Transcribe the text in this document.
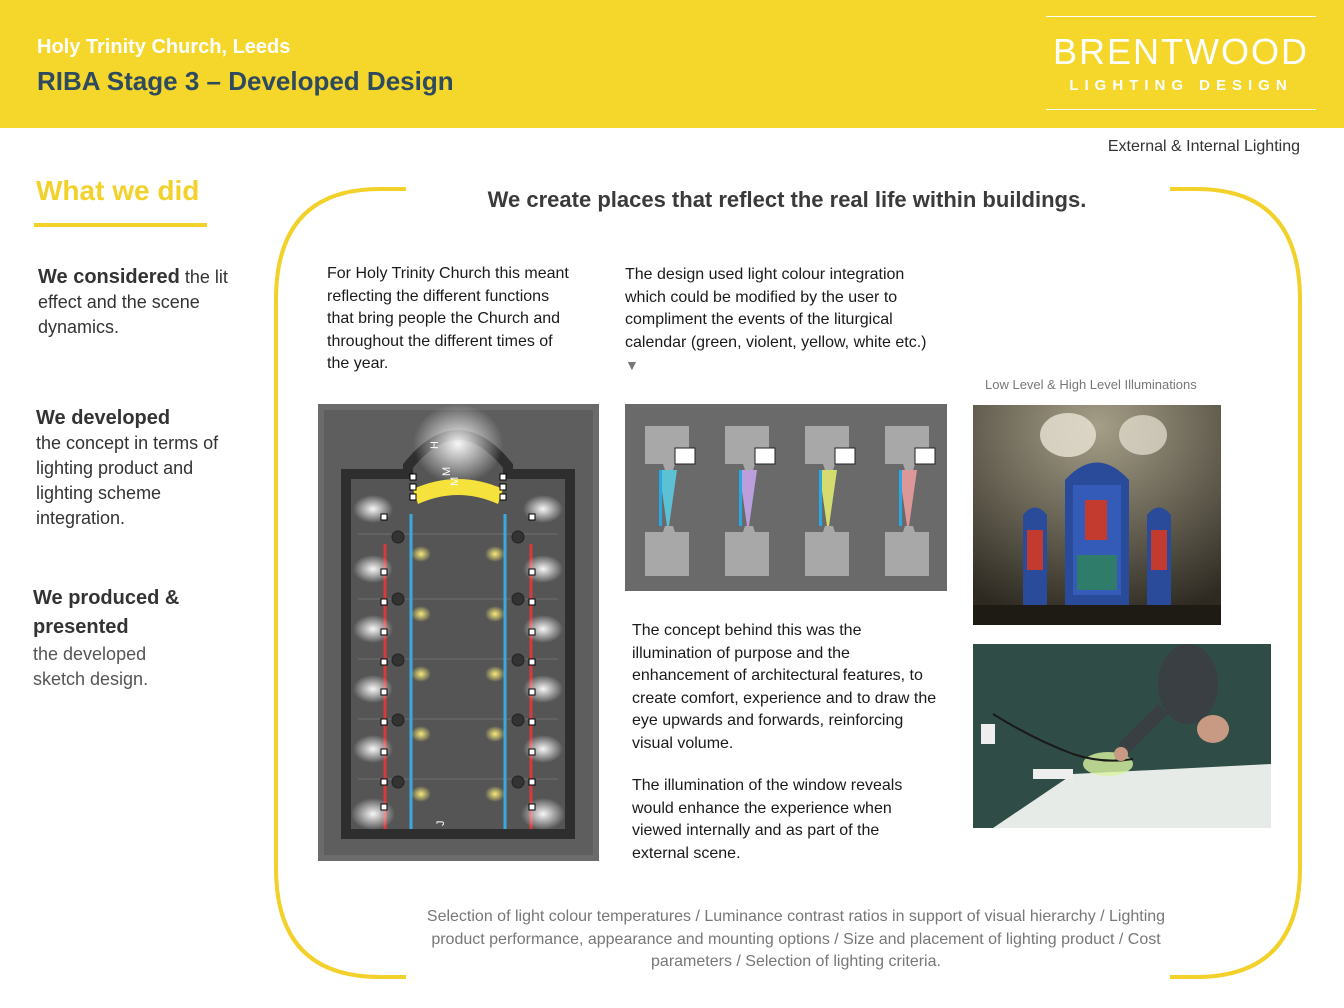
Holy Trinity Church, Leeds
RIBA Stage 3 – Developed Design
BRENTWOOD
LIGHTING DESIGN
External & Internal Lighting
What we did
We considered the lit effect and the scene dynamics.
We developed
the concept in terms of lighting product and lighting scheme integration.
We produced & presented
the developed sketch design.
We create places that reflect the real life within buildings.
For Holy Trinity Church this meant reflecting the different functions that bring people the Church and throughout the different times of the year.
The design used light colour integration which could be modified by the user to compliment the events of the liturgical calendar (green, violent, yellow, white etc.) ▼
The concept behind this was the illumination of purpose and the enhancement of architectural features, to create comfort, experience and to draw the eye upwards and forwards, reinforcing visual volume.
The illumination of the window reveals would enhance the experience when viewed internally and as part of the external scene.
H
M
M
J
Low Level & High Level Illuminations
Selection of light colour temperatures / Luminance contrast ratios in support of visual hierarchy / Lighting product performance, appearance and mounting options / Size and placement of lighting product / Cost parameters / Selection of lighting criteria.
